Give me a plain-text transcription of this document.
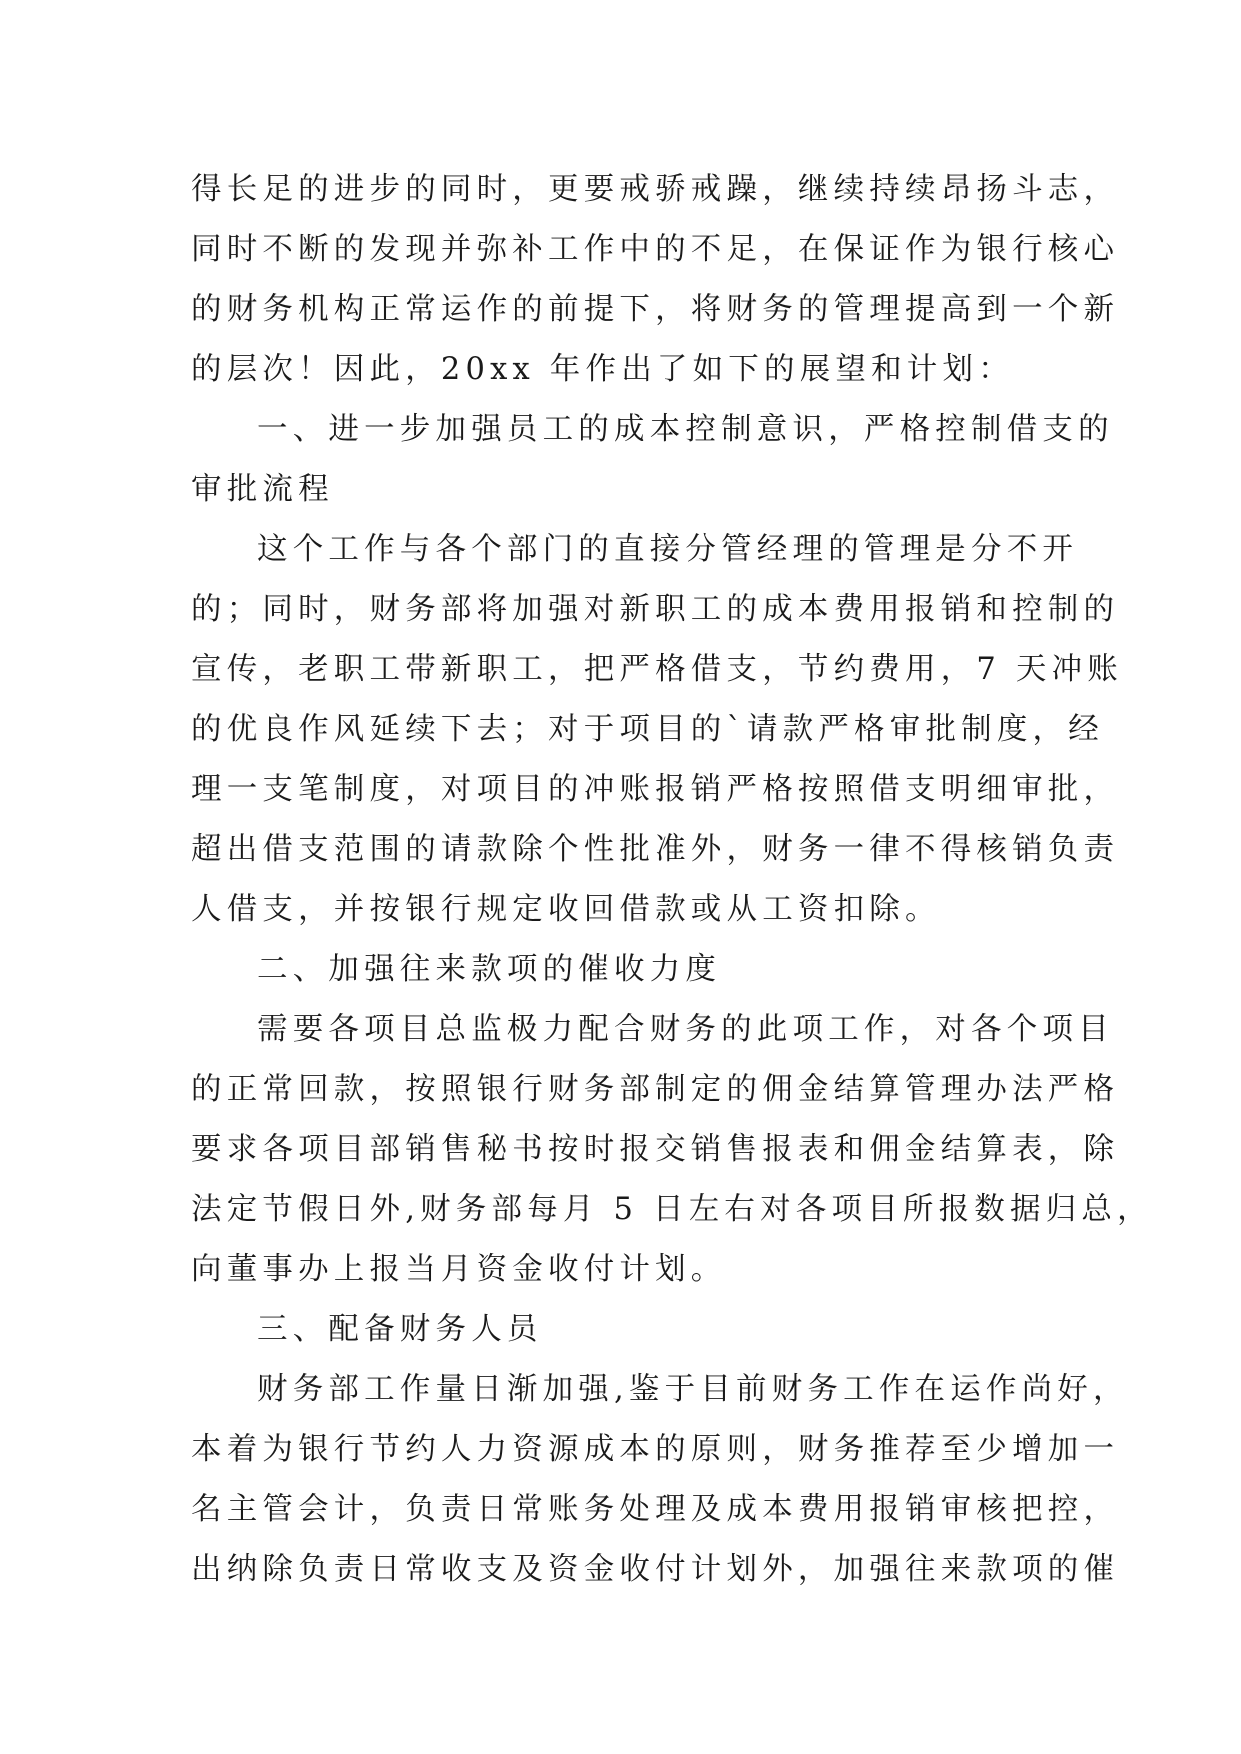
得长足的进步的同时，更要戒骄戒躁，继续持续昂扬斗志，
同时不断的发现并弥补工作中的不足，在保证作为银行核心
的财务机构正常运作的前提下，将财务的管理提高到一个新
的层次！因此，20xx 年作出了如下的展望和计划：
一、进一步加强员工的成本控制意识，严格控制借支的
审批流程
这个工作与各个部门的直接分管经理的管理是分不开
的；同时，财务部将加强对新职工的成本费用报销和控制的
宣传，老职工带新职工，把严格借支，节约费用，7 天冲账
的优良作风延续下去；对于项目的`请款严格审批制度，经
理一支笔制度，对项目的冲账报销严格按照借支明细审批，
超出借支范围的请款除个性批准外，财务一律不得核销负责
人借支，并按银行规定收回借款或从工资扣除。
二、加强往来款项的催收力度
需要各项目总监极力配合财务的此项工作，对各个项目
的正常回款，按照银行财务部制定的佣金结算管理办法严格
要求各项目部销售秘书按时报交销售报表和佣金结算表，除
法定节假日外,财务部每月 5 日左右对各项目所报数据归总，
向董事办上报当月资金收付计划。
三、配备财务人员
财务部工作量日渐加强,鉴于目前财务工作在运作尚好，
本着为银行节约人力资源成本的原则，财务推荐至少增加一
名主管会计，负责日常账务处理及成本费用报销审核把控，
出纳除负责日常收支及资金收付计划外，加强往来款项的催
